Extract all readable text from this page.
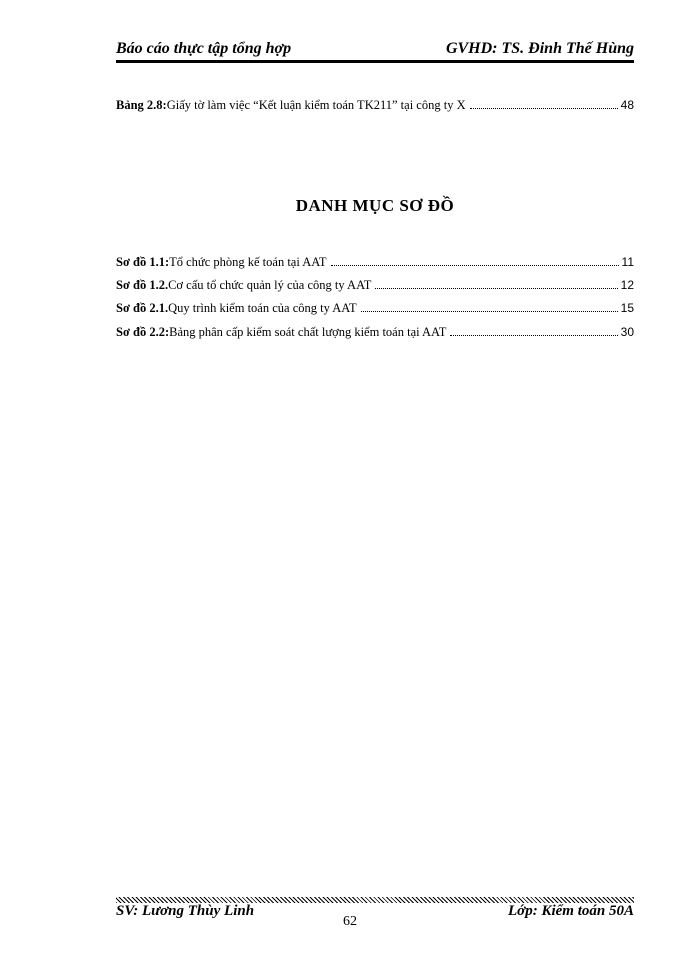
Báo cáo thực tập tổng hợp	GVHD: TS. Đinh Thế Hùng
Bảng 2.8: Giấy tờ làm việc “Kết luận kiểm toán TK211” tại công ty X	48
DANH MỤC SƠ ĐỒ
Sơ đồ 1.1: Tổ chức phòng kế toán tại AAT	11
Sơ đồ 1.2. Cơ cấu tổ chức quản lý của công ty AAT	12
Sơ đồ 2.1. Quy trình kiểm toán của công ty AAT	15
Sơ đồ 2.2: Bảng phân cấp kiểm soát chất lượng kiểm toán tại AAT	30
SV: Lương Thùy Linh	Lớp: Kiểm toán 50A
62
